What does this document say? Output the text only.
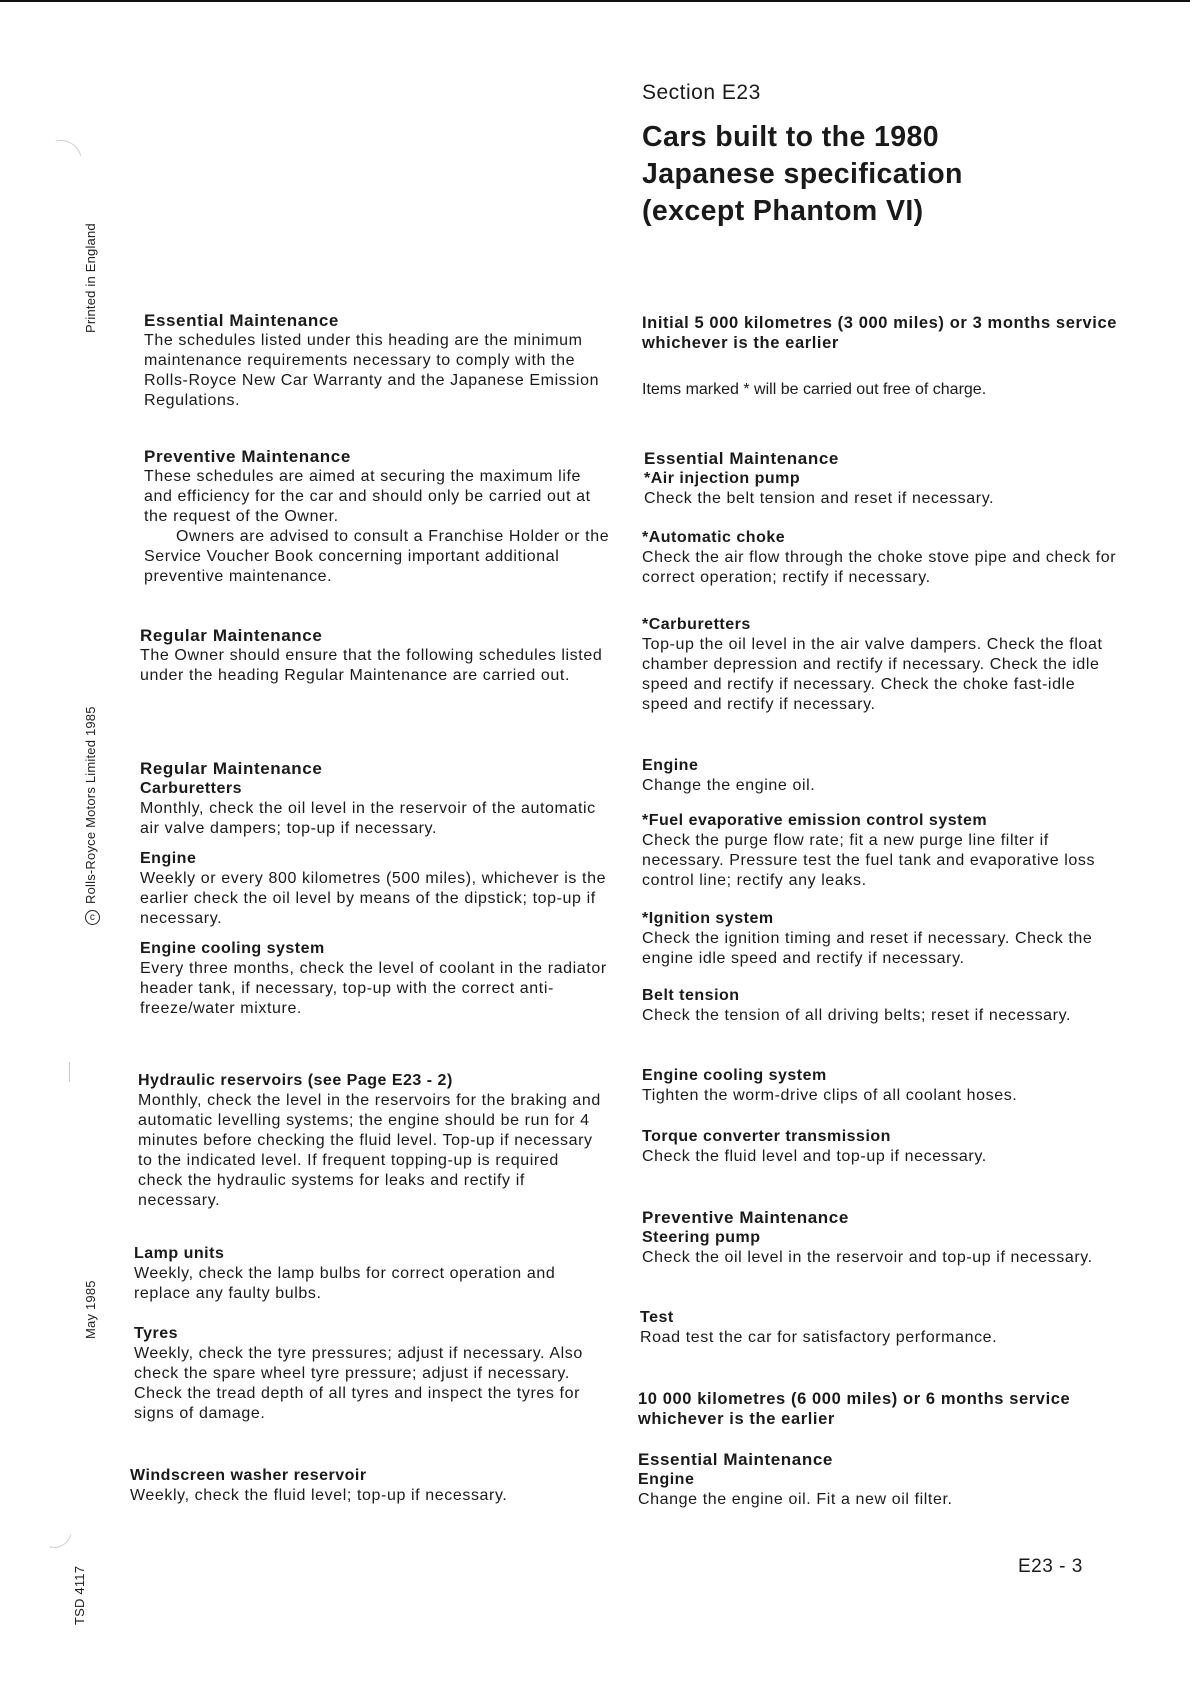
Printed in England
cRolls-Royce Motors Limited 1985
May 1985
TSD 4117
Section E23
Cars built to the 1980
Japanese specification
(except Phantom VI)
Essential Maintenance

The schedules listed under this heading are the minimum maintenance requirements necessary to comply with the Rolls-Royce New Car Warranty and the Japanese Emission Regulations.

Preventive Maintenance

These schedules are aimed at securing the maximum life and efficiency for the car and should only be carried out at the request of the Owner.

Owners are advised to consult a Franchise Holder or the Service Voucher Book concerning important additional preventive maintenance.

Regular Maintenance

The Owner should ensure that the following schedules listed under the heading Regular Maintenance are carried out.

Regular Maintenance
Carburetters

Monthly, check the oil level in the reservoir of the automatic air valve dampers; top-up if necessary.

Engine

Weekly or every 800 kilometres (500 miles), whichever is the earlier check the oil level by means of the dipstick; top-up if necessary.

Engine cooling system

Every three months, check the level of coolant in the radiator header tank, if necessary, top-up with the correct anti-freeze/water mixture.

Hydraulic reservoirs (see Page E23 - 2)

Monthly, check the level in the reservoirs for the braking and automatic levelling systems; the engine should be run for 4 minutes before checking the fluid level. Top-up if necessary to the indicated level. If frequent topping-up is required check the hydraulic systems for leaks and rectify if necessary.

Lamp units

Weekly, check the lamp bulbs for correct operation and replace any faulty bulbs.

Tyres

Weekly, check the tyre pressures; adjust if necessary. Also check the spare wheel tyre pressure; adjust if necessary. Check the tread depth of all tyres and inspect the tyres for signs of damage.

Windscreen washer reservoir

Weekly, check the fluid level; top-up if necessary.

Initial 5 000 kilometres (3 000 miles) or 3 months service whichever is the earlier
Items marked * will be carried out free of charge.
Essential Maintenance
*Air injection pump

Check the belt tension and reset if necessary.

*Automatic choke

Check the air flow through the choke stove pipe and check for correct operation; rectify if necessary.

*Carburetters

Top-up the oil level in the air valve dampers. Check the float chamber depression and rectify if necessary. Check the idle speed and rectify if necessary. Check the choke fast-idle speed and rectify if necessary.

Engine

Change the engine oil.

*Fuel evaporative emission control system

Check the purge flow rate; fit a new purge line filter if necessary. Pressure test the fuel tank and evaporative loss control line; rectify any leaks.

*Ignition system

Check the ignition timing and reset if necessary. Check the engine idle speed and rectify if necessary.

Belt tension

Check the tension of all driving belts; reset if necessary.

Engine cooling system

Tighten the worm-drive clips of all coolant hoses.

Torque converter transmission

Check the fluid level and top-up if necessary.

Preventive Maintenance
Steering pump

Check the oil level in the reservoir and top-up if necessary.

Test

Road test the car for satisfactory performance.

10 000 kilometres (6 000 miles) or 6 months service whichever is the earlier
Essential Maintenance
Engine

Change the engine oil. Fit a new oil filter.

E23 - 3
